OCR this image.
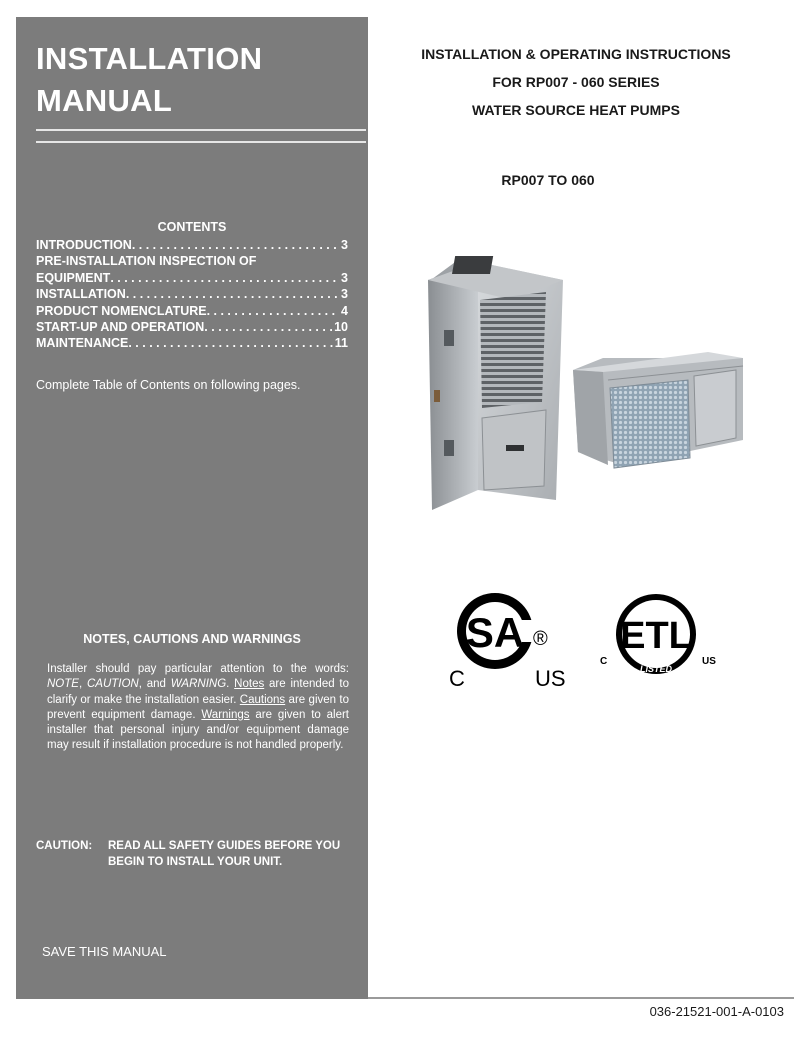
INSTALLATION
MANUAL
CONTENTS
INTRODUCTION . . .	3
PRE-INSTALLATION INSPECTION OF
EQUIPMENT . . .	3
INSTALLATION . . .	3
PRODUCT NOMENCLATURE . . .	4
START-UP AND OPERATION . . .	10
MAINTENANCE . . .	11
Complete Table of Contents on following pages.
NOTES, CAUTIONS AND WARNINGS

Installer should pay particular attention to the words: NOTE, CAUTION, and WARNING. Notes are intended to clarify or make the installation easier. Cautions are given to prevent equipment damage. Warnings are given to alert installer that personal injury and/or equipment damage may result if installation procedure is not handled properly.

CAUTION:	READ ALL SAFETY GUIDES BEFORE YOU
BEGIN TO INSTALL YOUR UNIT.
SAVE THIS MANUAL
INSTALLATION & OPERATING INSTRUCTIONS
FOR RP007 - 060 SERIES
WATER SOURCE HEAT PUMPS
RP007 TO 060
SA ®
C	US
ETL
C	US
LISTED
036-21521-001-A-0103
